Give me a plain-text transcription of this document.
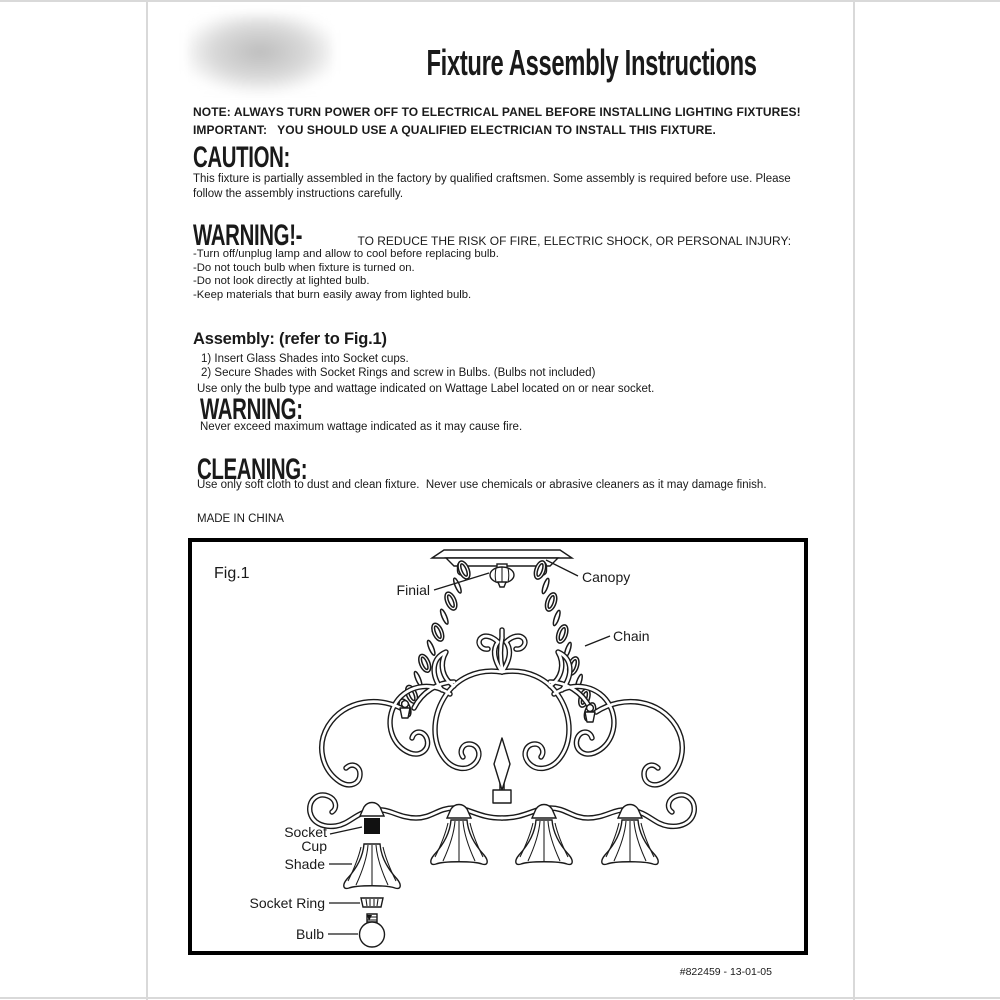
Fixture Assembly Instructions
NOTE: ALWAYS TURN POWER OFF TO ELECTRICAL PANEL BEFORE INSTALLING LIGHTING FIXTURES!
IMPORTANT:   YOU SHOULD USE A QUALIFIED ELECTRICIAN TO INSTALL THIS FIXTURE.
CAUTION:
This fixture is partially assembled in the factory by qualified craftsmen. Some assembly is required before use. Please follow the assembly instructions carefully.
WARNING!-	TO REDUCE THE RISK OF FIRE, ELECTRIC SHOCK, OR PERSONAL INJURY:
-Turn off/unplug lamp and allow to cool before replacing bulb.
-Do not touch bulb when fixture is turned on.
-Do not look directly at lighted bulb.
-Keep materials that burn easily away from lighted bulb.
Assembly: (refer to Fig.1)
1) Insert Glass Shades into Socket cups.
2) Secure Shades with Socket Rings and screw in Bulbs. (Bulbs not included)
Use only the bulb type and wattage indicated on Wattage Label located on or near socket.
WARNING:
Never exceed maximum wattage indicated as it may cause fire.
CLEANING:
Use only soft cloth to dust and clean fixture.  Never use chemicals or abrasive cleaners as it may damage finish.
MADE IN CHINA
Fig.1
Finial
Canopy
Chain
Socket
Cup
Shade
Socket Ring
Bulb
#822459 - 13-01-05
